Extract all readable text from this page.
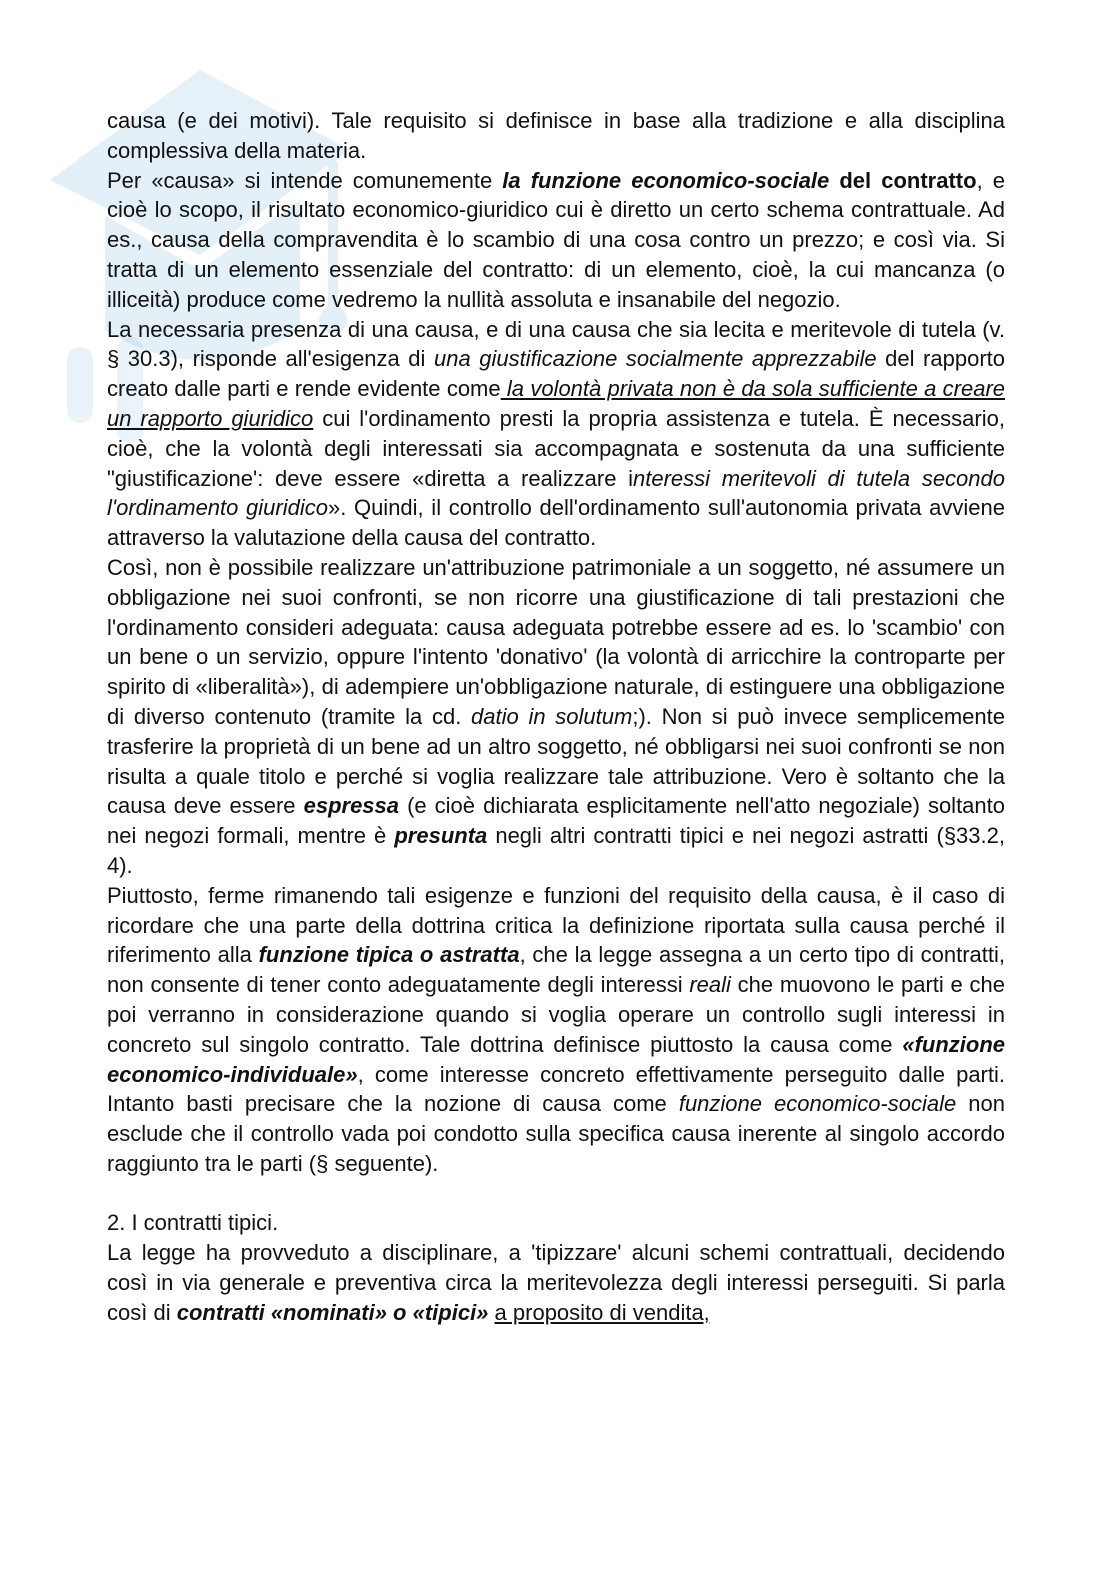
causa (e dei motivi). Tale requisito si definisce in base alla tradizione e alla disciplina complessiva della materia.

Per «causa» si intende comunemente la funzione economico-sociale del contratto, e cioè lo scopo, il risultato economico-giuridico cui è diretto un certo schema contrattuale. Ad es., causa della compravendita è lo scambio di una cosa contro un prezzo; e così via. Si tratta di un elemento essenziale del contratto: di un elemento, cioè, la cui mancanza (o illiceità) produce come vedremo la nullità assoluta e insanabile del negozio.

La necessaria presenza di una causa, e di una causa che sia lecita e meritevole di tutela (v. § 30.3), risponde all'esigenza di una giustificazione socialmente apprezzabile del rapporto creato dalle parti e rende evidente come la volontà privata non è da sola sufficiente a creare un rapporto giuridico cui l'ordinamento presti la propria assistenza e tutela. È necessario, cioè, che la volontà degli interessati sia accompagnata e sostenuta da una sufficiente "giustificazione': deve essere «diretta a realizzare interessi meritevoli di tutela secondo l'ordinamento giuridico». Quindi, il controllo dell'ordinamento sull'autonomia privata avviene attraverso la valutazione della causa del contratto.

Così, non è possibile realizzare un'attribuzione patrimoniale a un soggetto, né assumere un obbligazione nei suoi confronti, se non ricorre una giustificazione di tali prestazioni che l'ordinamento consideri adeguata: causa adeguata potrebbe essere ad es. lo 'scambio' con un bene o un servizio, oppure l'intento 'donativo' (la volontà di arricchire la controparte per spirito di «liberalità»), di adempiere un'obbligazione naturale, di estinguere una obbligazione di diverso contenuto (tramite la cd. datio in solutum;). Non si può invece semplicemente trasferire la proprietà di un bene ad un altro soggetto, né obbligarsi nei suoi confronti se non risulta a quale titolo e perché si voglia realizzare tale attribuzione. Vero è soltanto che la causa deve essere espressa (e cioè dichiarata esplicitamente nell'atto negoziale) soltanto nei negozi formali, mentre è presunta negli altri contratti tipici e nei negozi astratti (§33.2, 4).

Piuttosto, ferme rimanendo tali esigenze e funzioni del requisito della causa, è il caso di ricordare che una parte della dottrina critica la definizione riportata sulla causa perché il riferimento alla funzione tipica o astratta, che la legge assegna a un certo tipo di contratti, non consente di tener conto adeguatamente degli interessi reali che muovono le parti e che poi verranno in considerazione quando si voglia operare un controllo sugli interessi in concreto sul singolo contratto. Tale dottrina definisce piuttosto la causa come «funzione economico-individuale», come interesse concreto effettivamente perseguito dalle parti. Intanto basti precisare che la nozione di causa come funzione economico-sociale non esclude che il controllo vada poi condotto sulla specifica causa inerente al singolo accordo raggiunto tra le parti (§ seguente).

2. I contratti tipici.

La legge ha provveduto a disciplinare, a 'tipizzare' alcuni schemi contrattuali, decidendo così in via generale e preventiva circa la meritevolezza degli interessi perseguiti. Si parla così di contratti «nominati» o «tipici» a proposito di vendita,
